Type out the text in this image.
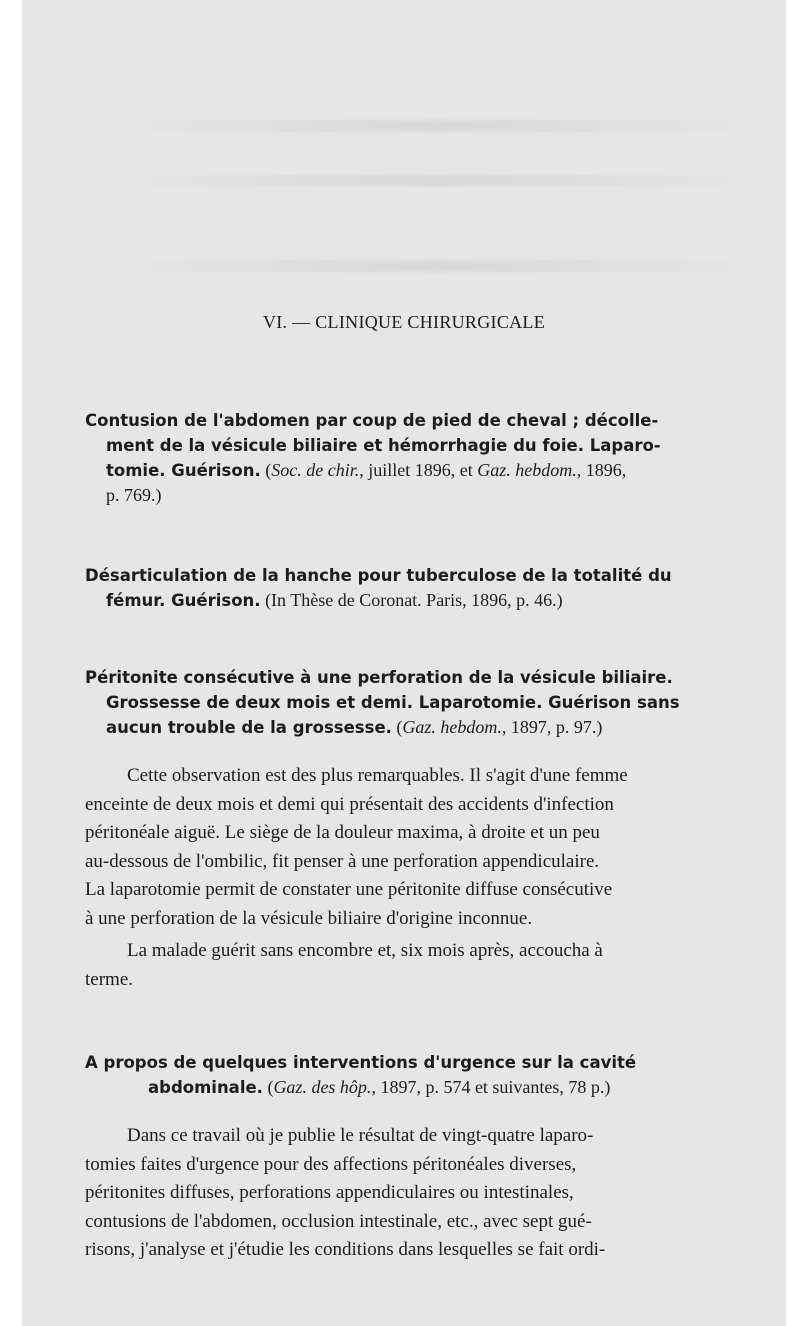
VI. — CLINIQUE CHIRURGICALE

Contusion de l'abdomen par coup de pied de cheval ; décolle-
ment de la vésicule biliaire et hémorrhagie du foie. Laparo-
tomie. Guérison. (Soc. de chir., juillet 1896, et Gaz. hebdom., 1896,
p. 769.)

Désarticulation de la hanche pour tuberculose de la totalité du
fémur. Guérison. (In Thèse de Coronat. Paris, 1896, p. 46.)

Péritonite consécutive à une perforation de la vésicule biliaire.
Grossesse de deux mois et demi. Laparotomie. Guérison sans
aucun trouble de la grossesse. (Gaz. hebdom., 1897, p. 97.)

Cette observation est des plus remarquables. Il s'agit d'une femme
enceinte de deux mois et demi qui présentait des accidents d'infection
péritonéale aiguë. Le siège de la douleur maxima, à droite et un peu
au-dessous de l'ombilic, fit penser à une perforation appendiculaire.
La laparotomie permit de constater une péritonite diffuse consécutive
à une perforation de la vésicule biliaire d'origine inconnue.

La malade guérit sans encombre et, six mois après, accoucha à
terme.

A propos de quelques interventions d'urgence sur la cavité
abdominale. (Gaz. des hôp., 1897, p. 574 et suivantes, 78 p.)

Dans ce travail où je publie le résultat de vingt-quatre laparo-
tomies faites d'urgence pour des affections péritonéales diverses,
péritonites diffuses, perforations appendiculaires ou intestinales,
contusions de l'abdomen, occlusion intestinale, etc., avec sept gué-
risons, j'analyse et j'étudie les conditions dans lesquelles se fait ordi-
